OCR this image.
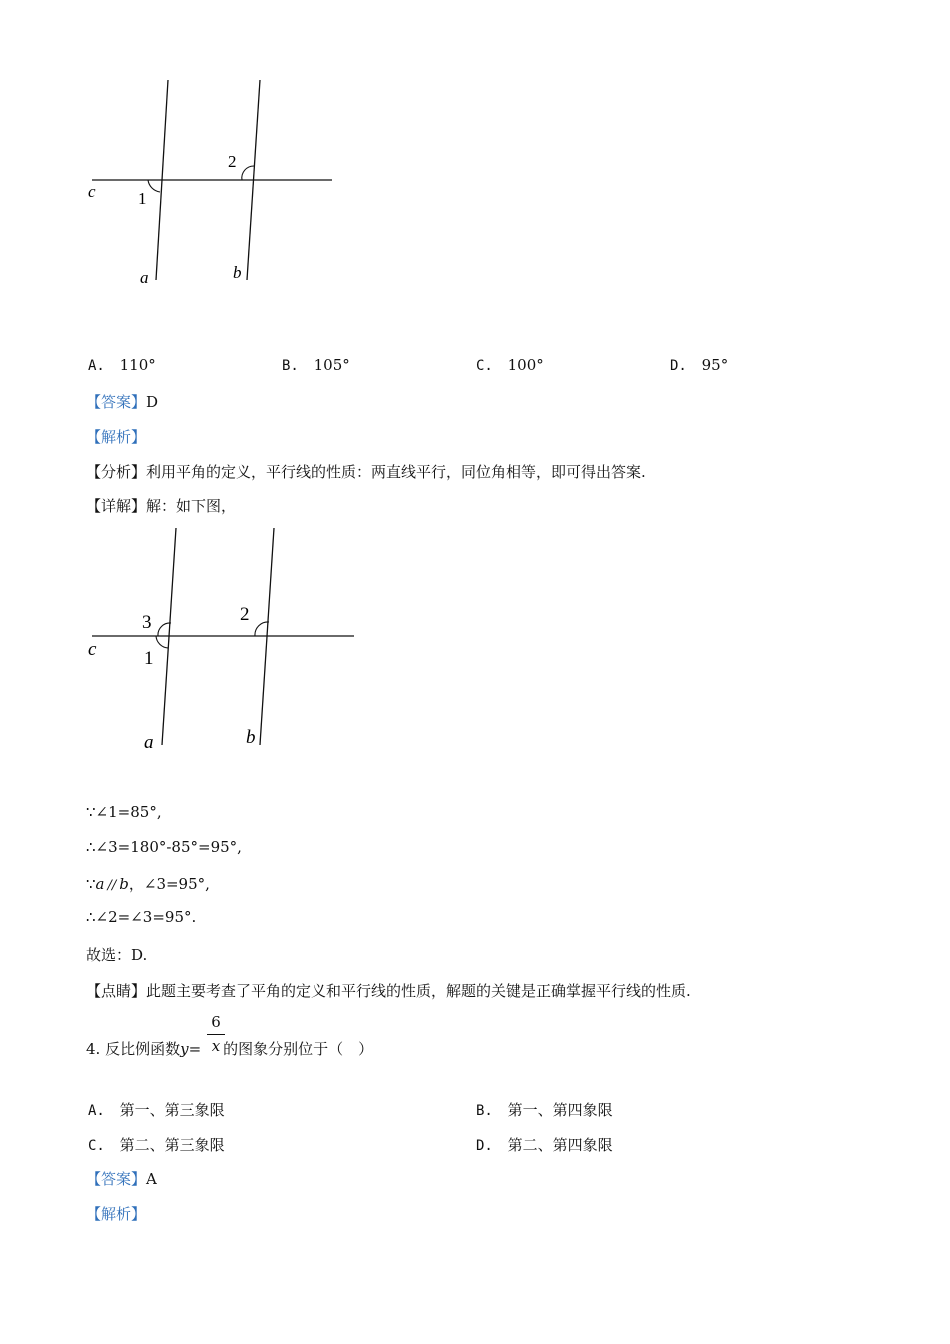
c 1
2
a	b
A. 110°	B. 105°	C. 100°	D. 95°
【答案】D
【解析】
【分析】利用平角的定义，平行线的性质：两直线平行，同位角相等，即可得出答案.
【详解】解：如下图，
c
3
1
2
a	b
∵∠1=85°,
∴∠3=180°-85°=95°,
∵a // b，∠3=95°,
∴∠2=∠3=95°.
故选：D.
【点睛】此题主要考查了平角的定义和平行线的性质，解题的关键是正确掌握平行线的性质.
4. 反比例函数y= 的图象分别位于（　）
6
x
A. 第一、第三象限	B. 第一、第四象限
C. 第二、第三象限	D. 第二、第四象限
【答案】A
【解析】
